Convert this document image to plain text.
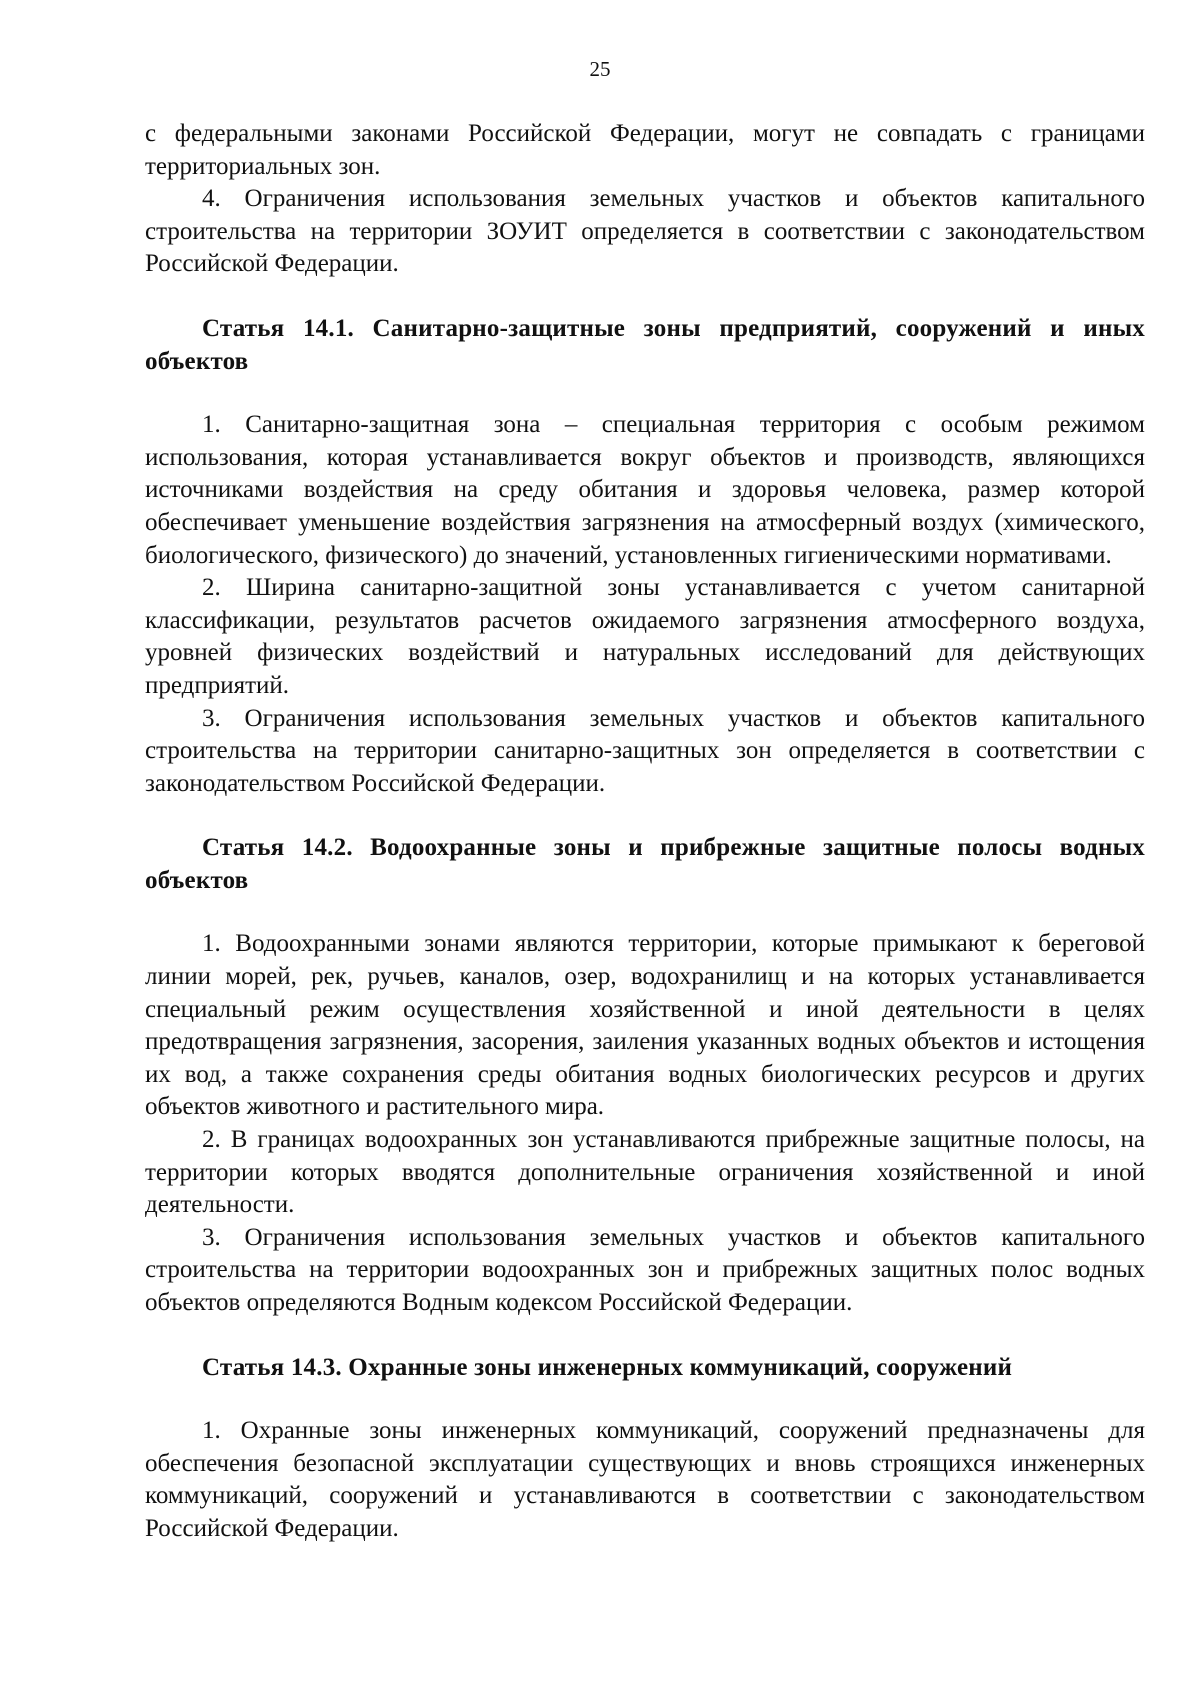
25

с федеральными законами Российской Федерации, могут не совпадать с границами территориальных зон.

4. Ограничения использования земельных участков и объектов капитального строительства на территории ЗОУИТ определяется в соответствии с законодательством Российской Федерации.

Статья 14.1. Санитарно-защитные зоны предприятий, сооружений и иных объектов

1. Санитарно-защитная зона – специальная территория с особым режимом использования, которая устанавливается вокруг объектов и производств, являющихся источниками воздействия на среду обитания и здоровья человека, размер которой обеспечивает уменьшение воздействия загрязнения на атмосферный воздух (химического, биологического, физического) до значений, установленных гигиеническими нормативами.

2. Ширина санитарно-защитной зоны устанавливается с учетом санитарной классификации, результатов расчетов ожидаемого загрязнения атмосферного воздуха, уровней физических воздействий и натуральных исследований для действующих предприятий.

3. Ограничения использования земельных участков и объектов капитального строительства на территории санитарно-защитных зон определяется в соответствии с законодательством Российской Федерации.

Статья 14.2. Водоохранные зоны и прибрежные защитные полосы водных объектов

1. Водоохранными зонами являются территории, которые примыкают к береговой линии морей, рек, ручьев, каналов, озер, водохранилищ и на которых устанавливается специальный режим осуществления хозяйственной и иной деятельности в целях предотвращения загрязнения, засорения, заиления указанных водных объектов и истощения их вод, а также сохранения среды обитания водных биологических ресурсов и других объектов животного и растительного мира.

2. В границах водоохранных зон устанавливаются прибрежные защитные полосы, на территории которых вводятся дополнительные ограничения хозяйственной и иной деятельности.

3. Ограничения использования земельных участков и объектов капитального строительства на территории водоохранных зон и прибрежных защитных полос водных объектов определяются Водным кодексом Российской Федерации.

Статья 14.3. Охранные зоны инженерных коммуникаций, сооружений

1. Охранные зоны инженерных коммуникаций, сооружений предназначены для обеспечения безопасной эксплуатации существующих и вновь строящихся инженерных коммуникаций, сооружений и устанавливаются в соответствии с законодательством Российской Федерации.
